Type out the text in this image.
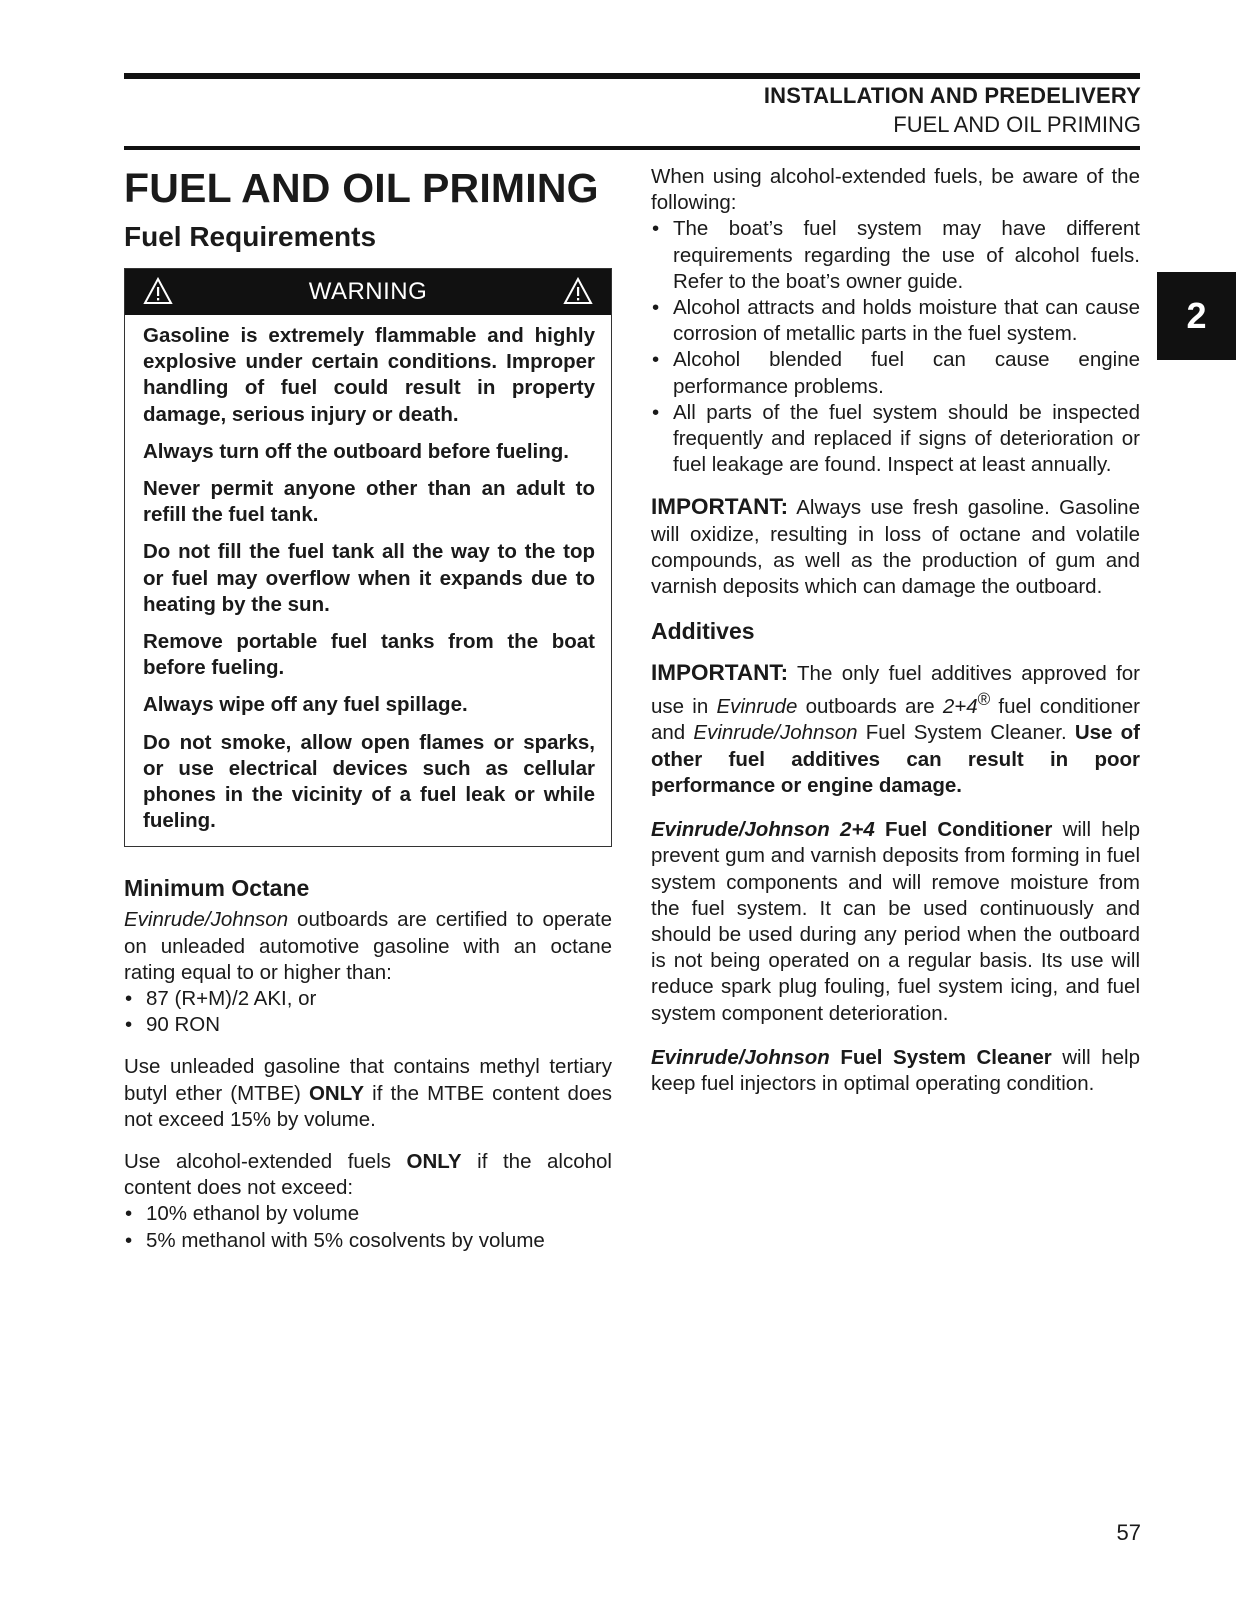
INSTALLATION AND PREDELIVERY
FUEL AND OIL PRIMING
2
FUEL AND OIL PRIMING
Fuel Requirements
WARNING

Gasoline is extremely flammable and highly explosive under certain conditions. Improper handling of fuel could result in property damage, serious injury or death.

Always turn off the outboard before fueling.

Never permit anyone other than an adult to refill the fuel tank.

Do not fill the fuel tank all the way to the top or fuel may overflow when it expands due to heating by the sun.

Remove portable fuel tanks from the boat before fueling.

Always wipe off any fuel spillage.

Do not smoke, allow open flames or sparks, or use electrical devices such as cellular phones in the vicinity of a fuel leak or while fueling.

Minimum Octane

Evinrude/Johnson outboards are certified to operate on unleaded automotive gasoline with an octane rating equal to or higher than:

• 87 (R+M)/2 AKI, or
• 90 RON

Use unleaded gasoline that contains methyl tertiary butyl ether (MTBE) ONLY if the MTBE content does not exceed 15% by volume.

Use alcohol-extended fuels ONLY if the alcohol content does not exceed:

• 10% ethanol by volume
• 5% methanol with 5% cosolvents by volume

When using alcohol-extended fuels, be aware of the following:

• The boat’s fuel system may have different requirements regarding the use of alcohol fuels. Refer to the boat’s owner guide.
• Alcohol attracts and holds moisture that can cause corrosion of metallic parts in the fuel system.
• Alcohol blended fuel can cause engine performance problems.
• All parts of the fuel system should be inspected frequently and replaced if signs of deterioration or fuel leakage are found. Inspect at least annually.

IMPORTANT: Always use fresh gasoline. Gasoline will oxidize, resulting in loss of octane and volatile compounds, as well as the production of gum and varnish deposits which can damage the outboard.

Additives

IMPORTANT: The only fuel additives approved for use in Evinrude outboards are 2+4® fuel conditioner and Evinrude/Johnson Fuel System Cleaner. Use of other fuel additives can result in poor performance or engine damage.

Evinrude/Johnson 2+4 Fuel Conditioner will help prevent gum and varnish deposits from forming in fuel system components and will remove moisture from the fuel system. It can be used continuously and should be used during any period when the outboard is not being operated on a regular basis. Its use will reduce spark plug fouling, fuel system icing, and fuel system component deterioration.

Evinrude/Johnson Fuel System Cleaner will help keep fuel injectors in optimal operating condition.

57
